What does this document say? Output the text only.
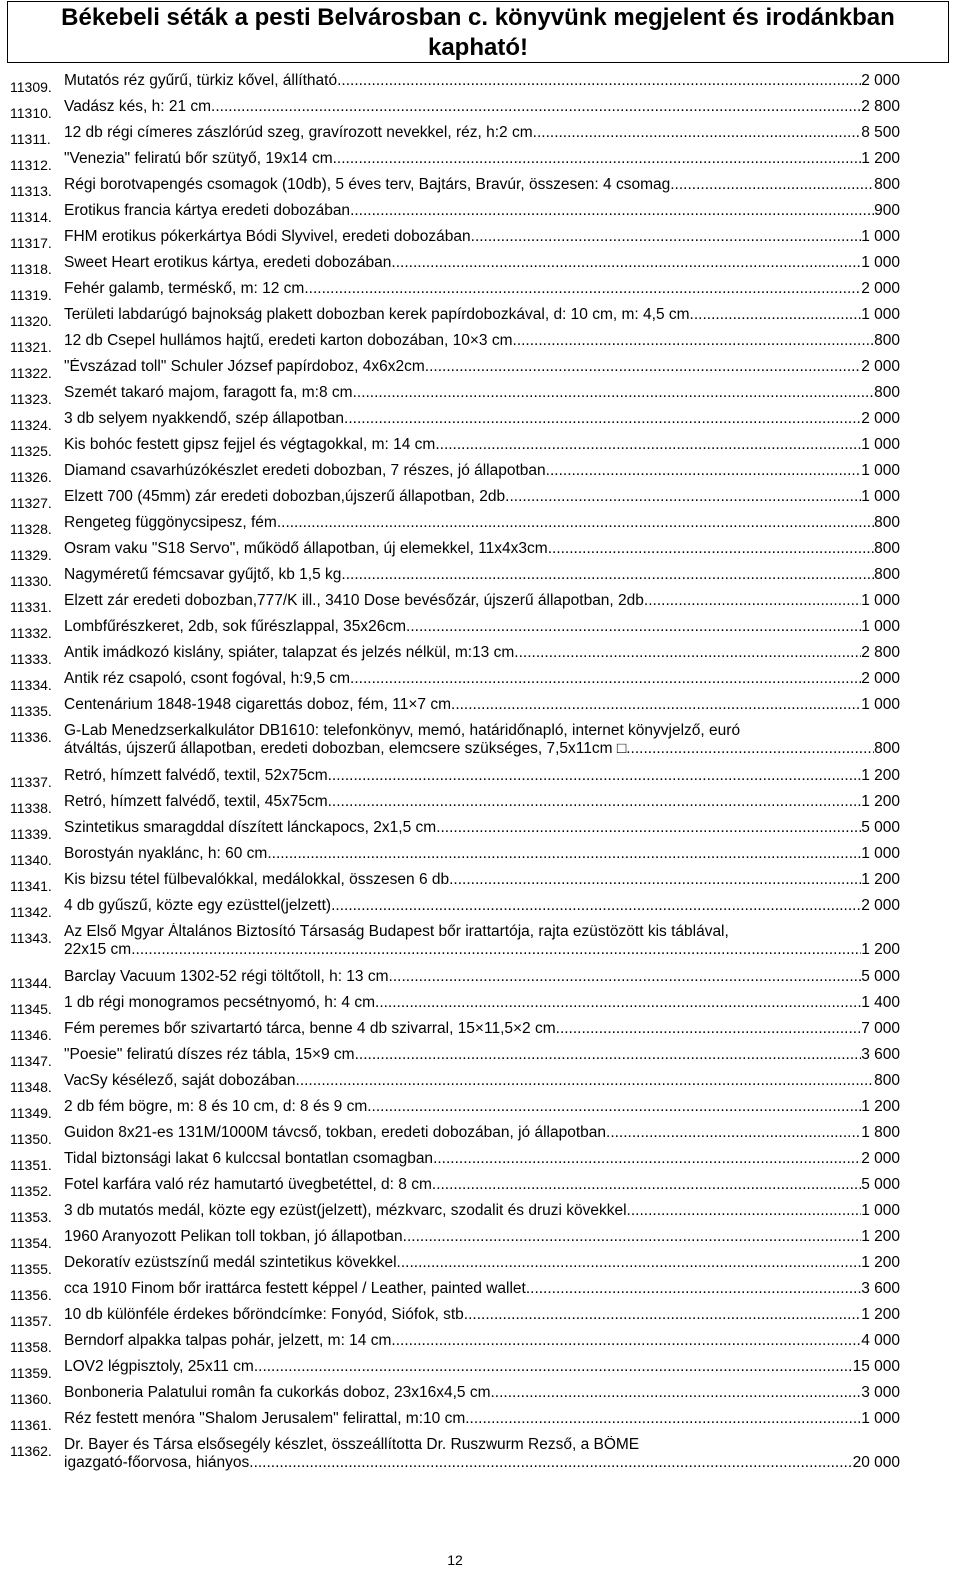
Békebeli séták a pesti Belvárosban c. könyvünk megjelent és irodánkban
kapható!
11309. Mutatós réz gyűrű, türkiz kővel, állítható .....	2 000
11310. Vadász kés, h: 21 cm .....	2 800
11311. 12 db régi címeres zászlórúd szeg, gravírozott nevekkel, réz, h:2 cm .....	8 500
11312. "Venezia" feliratú bőr szütyő, 19x14 cm .....	1 200
11313. Régi borotvapengés csomagok (10db), 5 éves terv, Bajtárs, Bravúr, összesen: 4 csomag .....	800
11314. Erotikus francia kártya eredeti dobozában .....	900
11317. FHM erotikus pókerkártya Bódi Slyvivel, eredeti dobozában .....	1 000
11318. Sweet Heart erotikus kártya, eredeti dobozában .....	1 000
11319. Fehér galamb, terméskő, m: 12 cm .....	2 000
11320. Területi labdarúgó bajnokság plakett dobozban kerek papírdobozkával, d: 10 cm, m: 4,5 cm .....	1 000
11321. 12 db Csepel hullámos hajtű, eredeti karton dobozában, 10×3 cm .....	800
11322. "Évszázad toll" Schuler József papírdoboz, 4x6x2cm .....	2 000
11323. Szemét takaró majom, faragott fa, m:8 cm .....	800
11324. 3 db selyem nyakkendő, szép állapotban .....	2 000
11325. Kis bohóc festett gipsz fejjel és végtagokkal, m: 14 cm .....	1 000
11326. Diamand csavarhúzókészlet eredeti dobozban, 7 részes, jó állapotban .....	1 000
11327. Elzett 700 (45mm) zár eredeti dobozban,újszerű állapotban, 2db .....	1 000
11328. Rengeteg függönycsipesz, fém .....	800
11329. Osram vaku "S18 Servo", működő állapotban, új elemekkel, 11x4x3cm .....	800
11330. Nagyméretű fémcsavar gyűjtő, kb 1,5 kg .....	800
11331. Elzett zár eredeti dobozban,777/K ill., 3410 Dose bevésőzár, újszerű állapotban, 2db .....	1 000
11332. Lombfűrészkeret, 2db, sok fűrészlappal, 35x26cm .....	1 000
11333. Antik imádkozó kislány, spiáter, talapzat és jelzés nélkül, m:13 cm .....	2 800
11334. Antik réz csapoló, csont fogóval, h:9,5 cm .....	2 000
11335. Centenárium 1848-1948 cigarettás doboz, fém, 11×7 cm .....	1 000
11336. G-Lab Menedzserkalkulátor DB1610: telefonkönyv, memó, határidőnapló, internet könyvjelző, euró
átváltás, újszerű állapotban, eredeti dobozban, elemcsere szükséges, 7,5x11cm □ .....	800
11337. Retró, hímzett falvédő, textil, 52x75cm .....	1 200
11338. Retró, hímzett falvédő, textil, 45x75cm .....	1 200
11339. Szintetikus smaragddal díszített lánckapocs, 2x1,5 cm .....	5 000
11340. Borostyán nyaklánc, h: 60 cm .....	1 000
11341. Kis bizsu tétel fülbevalókkal, medálokkal, összesen 6 db .....	1 200
11342. 4 db gyűszű, közte egy ezüsttel(jelzett) .....	2 000
11343. Az Első Mgyar Általános Biztosító Társaság Budapest bőr irattartója, rajta ezüstözött kis táblával,
22x15 cm .....	1 200
11344. Barclay Vacuum 1302-52 régi töltőtoll, h: 13 cm .....	5 000
11345. 1 db régi monogramos pecsétnyomó, h: 4 cm .....	1 400
11346. Fém peremes bőr szivartartó tárca, benne 4 db szivarral, 15×11,5×2 cm .....	7 000
11347. "Poesie" feliratú díszes réz tábla, 15×9 cm .....	3 600
11348. VacSy késélező, saját dobozában .....	800
11349. 2 db fém bögre, m: 8 és 10 cm, d: 8 és 9 cm .....	1 200
11350. Guidon 8x21-es 131M/1000M távcső, tokban, eredeti dobozában, jó állapotban .....	1 800
11351. Tidal biztonsági lakat 6 kulccsal bontatlan csomagban .....	2 000
11352. Fotel karfára való réz hamutartó üvegbetéttel, d: 8 cm .....	5 000
11353. 3 db mutatós medál, közte egy ezüst(jelzett), mézkvarc, szodalit és druzi kövekkel .....	1 000
11354. 1960 Aranyozott Pelikan toll tokban, jó állapotban .....	1 200
11355. Dekoratív ezüstszínű medál szintetikus kövekkel .....	1 200
11356. cca 1910 Finom bőr irattárca festett képpel / Leather, painted wallet. .....	3 600
11357. 10 db különféle érdekes bőröndcímke: Fonyód, Siófok, stb. .....	1 200
11358. Berndorf alpakka talpas pohár, jelzett, m: 14 cm .....	4 000
11359. LOV2 légpisztoly, 25x11 cm .....	15 000
11360. Bonboneria Palatului român fa cukorkás doboz, 23x16x4,5 cm .....	3 000
11361. Réz festett menóra "Shalom Jerusalem" felirattal, m:10 cm .....	1 000
11362. Dr. Bayer és Társa elsősegély készlet, összeállította Dr. Ruszwurm Rezső, a BÖME
igazgató-főorvosa, hiányos .....	20 000
12
